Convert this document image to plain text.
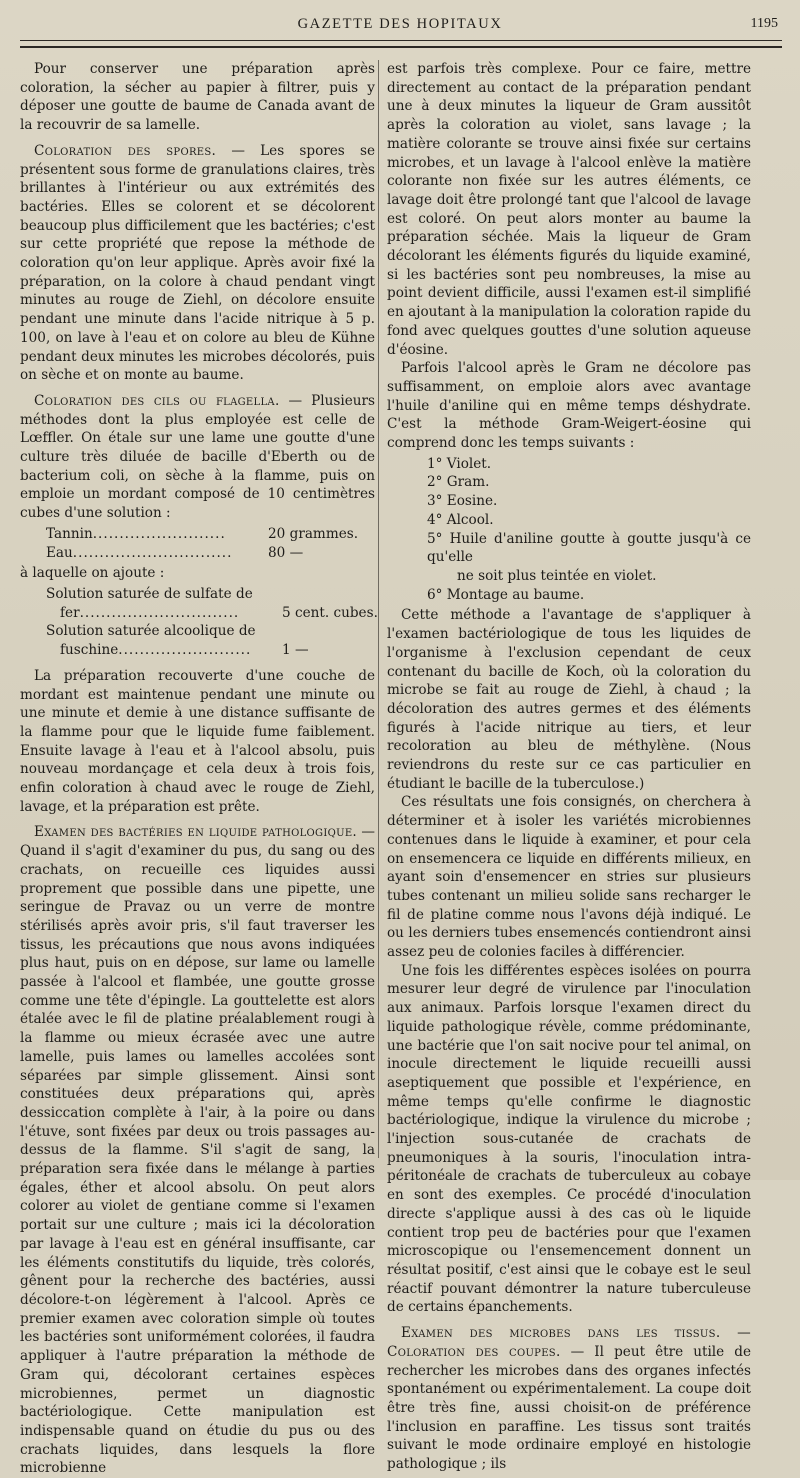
GAZETTE DES HOPITAUX	1195

Pour conserver une préparation après coloration, la sécher au papier à filtrer, puis y déposer une goutte de baume de Canada avant de la recouvrir de sa lamelle.

Coloration des spores. — Les spores se présentent sous forme de granulations claires, très brillantes à l'intérieur ou aux extrémités des bactéries. Elles se colorent et se décolorent beaucoup plus difficilement que les bactéries; c'est sur cette propriété que repose la méthode de coloration qu'on leur applique. Après avoir fixé la préparation, on la colore à chaud pendant vingt minutes au rouge de Ziehl, on décolore ensuite pendant une minute dans l'acide nitrique à 5 p. 100, on lave à l'eau et on colore au bleu de Kühne pendant deux minutes les microbes décolorés, puis on sèche et on monte au baume.

Coloration des cils ou flagella. — Plusieurs méthodes dont la plus employée est celle de Lœffler. On étale sur une lame une goutte d'une culture très diluée de bacille d'Eberth ou de bacterium coli, on sèche à la flamme, puis on emploie un mordant composé de 10 centimètres cubes d'une solution :

Tannin.........................	20 grammes.
Eau..............................	80 —

à laquelle on ajoute :

Solution saturée de sulfate de
fer..............................	5 cent. cubes.
Solution saturée alcoolique de
fuschine.........................	1 —

La préparation recouverte d'une couche de mordant est maintenue pendant une minute ou une minute et demie à une distance suffisante de la flamme pour que le liquide fume faiblement. Ensuite lavage à l'eau et à l'alcool absolu, puis nouveau mordançage et cela deux à trois fois, enfin coloration à chaud avec le rouge de Ziehl, lavage, et la préparation est prête.

Examen des bactéries en liquide pathologique. — Quand il s'agit d'examiner du pus, du sang ou des crachats, on recueille ces liquides aussi proprement que possible dans une pipette, une seringue de Pravaz ou un verre de montre stérilisés après avoir pris, s'il faut traverser les tissus, les précautions que nous avons indiquées plus haut, puis on en dépose, sur lame ou lamelle passée à l'alcool et flambée, une goutte grosse comme une tête d'épingle. La gouttelette est alors étalée avec le fil de platine préalablement rougi à la flamme ou mieux écrasée avec une autre lamelle, puis lames ou lamelles accolées sont séparées par simple glissement. Ainsi sont constituées deux préparations qui, après dessiccation complète à l'air, à la poire ou dans l'étuve, sont fixées par deux ou trois passages au-dessus de la flamme. S'il s'agit de sang, la préparation sera fixée dans le mélange à parties égales, éther et alcool absolu. On peut alors colorer au violet de gentiane comme si l'examen portait sur une culture ; mais ici la décoloration par lavage à l'eau est en général insuffisante, car les éléments constitutifs du liquide, très colorés, gênent pour la recherche des bactéries, aussi décolore-t-on légèrement à l'alcool. Après ce premier examen avec coloration simple où toutes les bactéries sont uniformément colorées, il faudra appliquer à l'autre préparation la méthode de Gram qui, décolorant certaines espèces microbiennes, permet un diagnostic bactériologique. Cette manipulation est indispensable quand on étudie du pus ou des crachats liquides, dans lesquels la flore microbienne

est parfois très complexe. Pour ce faire, mettre directement au contact de la préparation pendant une à deux minutes la liqueur de Gram aussitôt après la coloration au violet, sans lavage ; la matière colorante se trouve ainsi fixée sur certains microbes, et un lavage à l'alcool enlève la matière colorante non fixée sur les autres éléments, ce lavage doit être prolongé tant que l'alcool de lavage est coloré. On peut alors monter au baume la préparation séchée. Mais la liqueur de Gram décolorant les éléments figurés du liquide examiné, si les bactéries sont peu nombreuses, la mise au point devient difficile, aussi l'examen est-il simplifié en ajoutant à la manipulation la coloration rapide du fond avec quelques gouttes d'une solution aqueuse d'éosine.

Parfois l'alcool après le Gram ne décolore pas suffisamment, on emploie alors avec avantage l'huile d'aniline qui en même temps déshydrate. C'est la méthode Gram-Weigert-éosine qui comprend donc les temps suivants :

1° Violet.
2° Gram.
3° Eosine.
4° Alcool.
5° Huile d'aniline goutte à goutte jusqu'à ce qu'elle
ne soit plus teintée en violet.
6° Montage au baume.

Cette méthode a l'avantage de s'appliquer à l'examen bactériologique de tous les liquides de l'organisme à l'exclusion cependant de ceux contenant du bacille de Koch, où la coloration du microbe se fait au rouge de Ziehl, à chaud ; la décoloration des autres germes et des éléments figurés à l'acide nitrique au tiers, et leur recoloration au bleu de méthylène. (Nous reviendrons du reste sur ce cas particulier en étudiant le bacille de la tuberculose.)

Ces résultats une fois consignés, on cherchera à déterminer et à isoler les variétés microbiennes contenues dans le liquide à examiner, et pour cela on ensemencera ce liquide en différents milieux, en ayant soin d'ensemencer en stries sur plusieurs tubes contenant un milieu solide sans recharger le fil de platine comme nous l'avons déjà indiqué. Le ou les derniers tubes ensemencés contiendront ainsi assez peu de colonies faciles à différencier.

Une fois les différentes espèces isolées on pourra mesurer leur degré de virulence par l'inoculation aux animaux. Parfois lorsque l'examen direct du liquide pathologique révèle, comme prédominante, une bactérie que l'on sait nocive pour tel animal, on inocule directement le liquide recueilli aussi aseptiquement que possible et l'expérience, en même temps qu'elle confirme le diagnostic bactériologique, indique la virulence du microbe ; l'injection sous-cutanée de crachats de pneumoniques à la souris, l'inoculation intra-péritonéale de crachats de tuberculeux au cobaye en sont des exemples. Ce procédé d'inoculation directe s'applique aussi à des cas où le liquide contient trop peu de bactéries pour que l'examen microscopique ou l'ensemencement donnent un résultat positif, c'est ainsi que le cobaye est le seul réactif pouvant démontrer la nature tuberculeuse de certains épanchements.

Examen des microbes dans les tissus. — Coloration des coupes. — Il peut être utile de rechercher les microbes dans des organes infectés spontanément ou expérimentalement. La coupe doit être très fine, aussi choisit-on de préférence l'inclusion en paraffine. Les tissus sont traités suivant le mode ordinaire employé en histologie pathologique ; ils
